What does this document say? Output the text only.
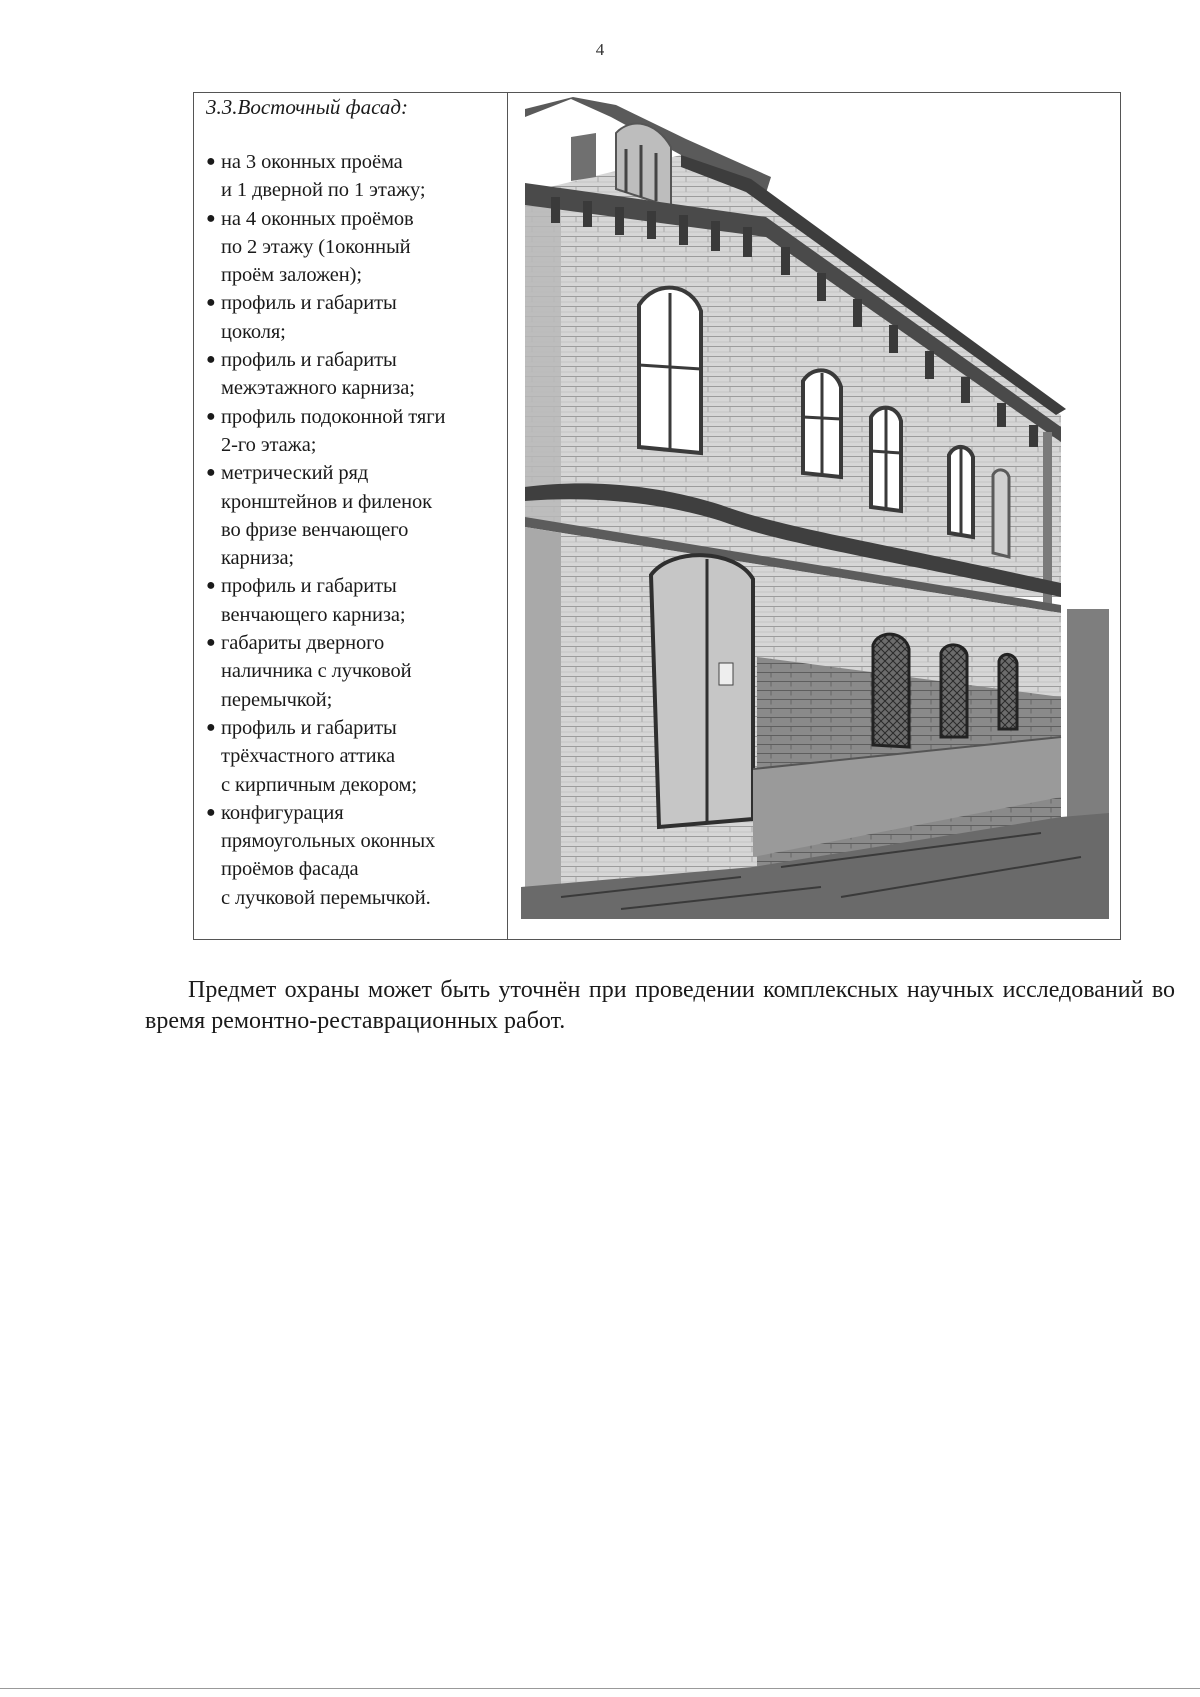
4
3.3.Восточный фасад:
● на 3 оконных проёма
и 1 дверной по 1 этажу;
● на 4 оконных проёмов
по 2 этажу (1оконный
проём заложен);
● профиль и габариты
цоколя;
● профиль и габариты
межэтажного карниза;
● профиль подоконной тяги
2-го этажа;
● метрический ряд
кронштейнов и филенок
во фризе венчающего
карниза;
● профиль и габариты
венчающего карниза;
● габариты дверного
наличника с лучковой
перемычкой;
● профиль и габариты
трёхчастного аттика
с кирпичным декором;
● конфигурация
прямоугольных оконных
проёмов фасада
с лучковой перемычкой.

Предмет охраны может быть уточнён при проведении комплексных научных исследований во время ремонтно-реставрационных работ.
